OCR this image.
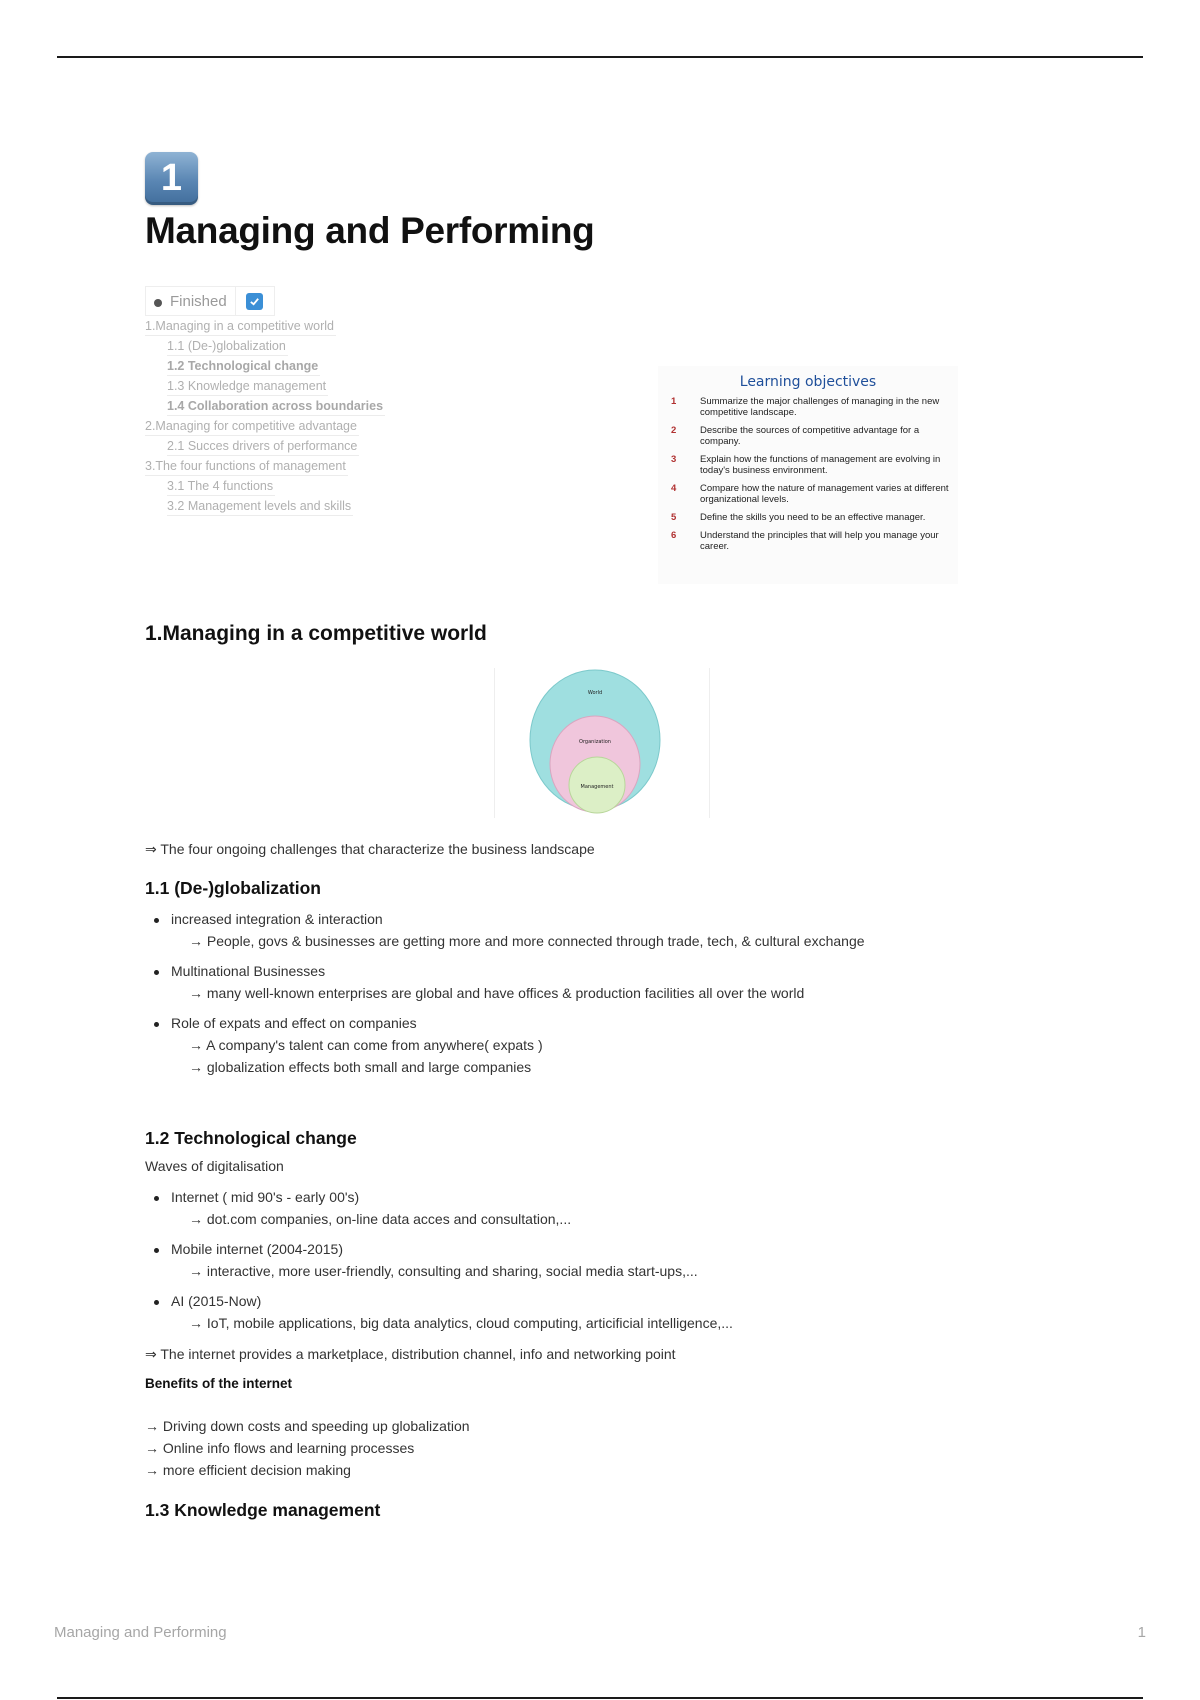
1
Managing and Performing
Finished
1.Managing in a competitive world
1.1 (De-)globalization
1.2 Technological change
1.3 Knowledge management
1.4 Collaboration across boundaries
2.Managing for competitive advantage
2.1 Succes drivers of performance
3.The four functions of management
3.1 The 4 functions
3.2 Management levels and skills
Learning objectives
1	Summarize the major challenges of managing in the new competitive landscape.
2	Describe the sources of competitive advantage for a company.
3	Explain how the functions of management are evolving in today's business environment.
4	Compare how the nature of management varies at different organizational levels.
5	Define the skills you need to be an effective manager.
6	Understand the principles that will help you manage your career.
1.Managing in a competitive world
World
Organization
Management
⇒ The four ongoing challenges that characterize the business landscape
1.1 (De-)globalization
increased integration & interaction
→ People, govs & businesses are getting more and more connected through trade, tech, & cultural exchange
Multinational Businesses
→ many well-known enterprises are global and have offices & production facilities all over the world
Role of expats and effect on companies
→ A company's talent can come from anywhere( expats )
→ globalization effects both small and large companies
1.2 Technological change
Waves of digitalisation
Internet ( mid 90's - early 00's)
→ dot.com companies, on-line data acces and consultation,...
Mobile internet (2004-2015)
→ interactive, more user-friendly, consulting and sharing, social media start-ups,...
AI (2015-Now)
→ IoT, mobile applications, big data analytics, cloud computing, articificial intelligence,...
⇒ The internet provides a marketplace, distribution channel, info and networking point
Benefits of the internet
→ Driving down costs and speeding up globalization
→ Online info flows and learning processes
→ more efficient decision making
1.3 Knowledge management
Managing and Performing	1
